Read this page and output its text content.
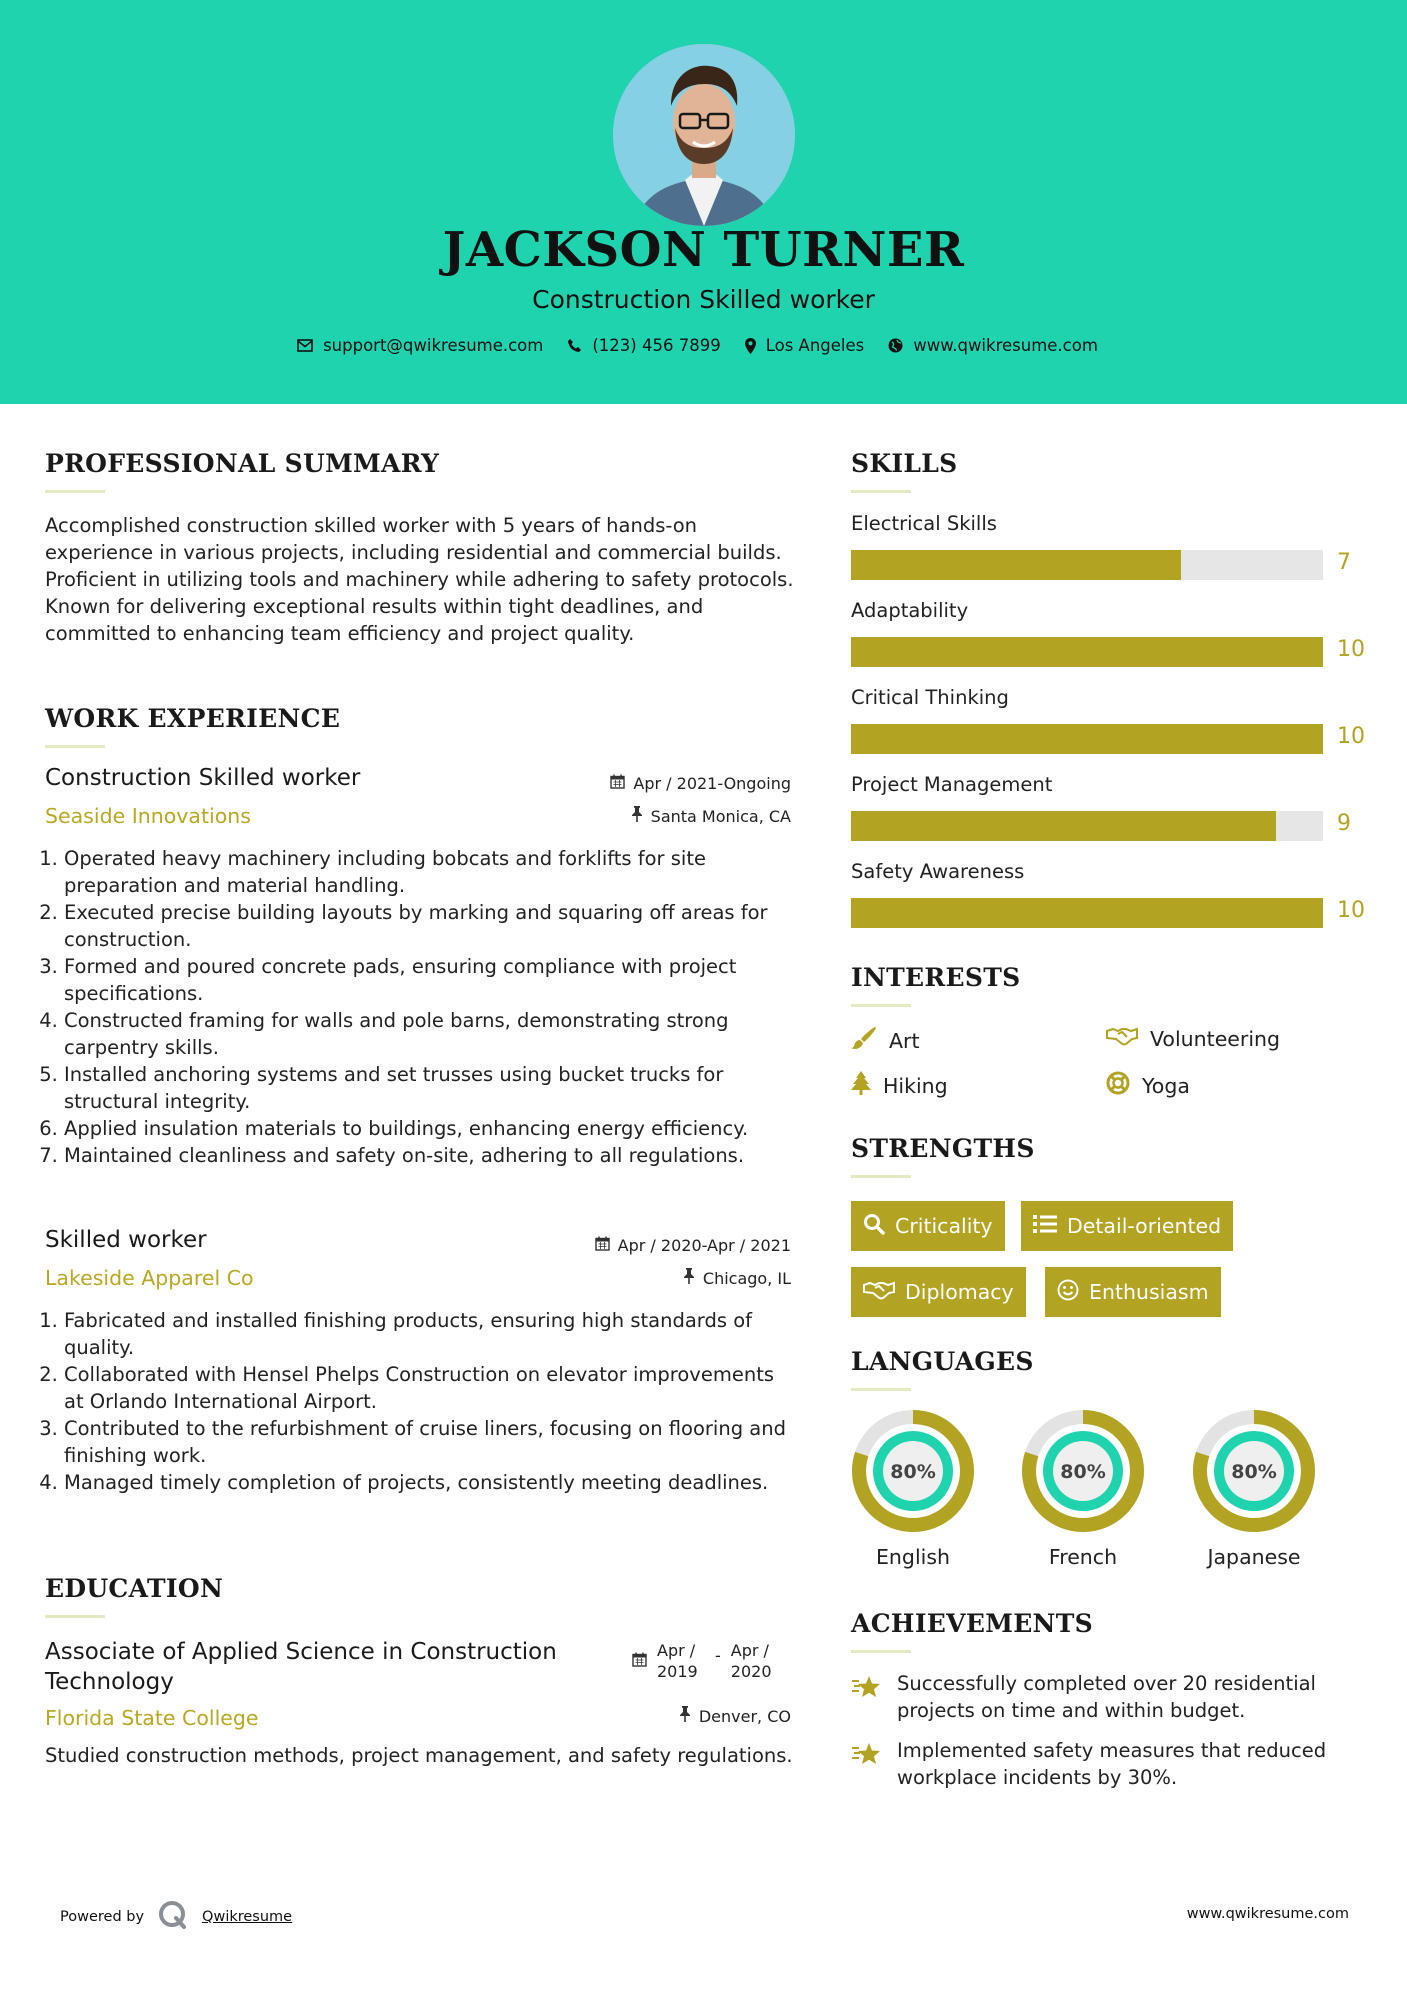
JACKSON TURNER
Construction Skilled worker
support@qwikresume.com	(123) 456 7899	Los Angeles	www.qwikresume.com
PROFESSIONAL SUMMARY
Accomplished construction skilled worker with 5 years of hands-on experience in various projects, including residential and commercial builds. Proficient in utilizing tools and machinery while adhering to safety protocols. Known for delivering exceptional results within tight deadlines, and committed to enhancing team efficiency and project quality.
WORK EXPERIENCE
Construction Skilled worker
Seaside Innovations
Apr / 2021-Ongoing
Santa Monica, CA
1. Operated heavy machinery including bobcats and forklifts for site preparation and material handling.
2. Executed precise building layouts by marking and squaring off areas for construction.
3. Formed and poured concrete pads, ensuring compliance with project specifications.
4. Constructed framing for walls and pole barns, demonstrating strong carpentry skills.
5. Installed anchoring systems and set trusses using bucket trucks for structural integrity.
6. Applied insulation materials to buildings, enhancing energy efficiency.
7. Maintained cleanliness and safety on-site, adhering to all regulations.
Skilled worker
Lakeside Apparel Co
Apr / 2020-Apr / 2021
Chicago, IL
1. Fabricated and installed finishing products, ensuring high standards of quality.
2. Collaborated with Hensel Phelps Construction on elevator improvements at Orlando International Airport.
3. Contributed to the refurbishment of cruise liners, focusing on flooring and finishing work.
4. Managed timely completion of projects, consistently meeting deadlines.
EDUCATION
Associate of Applied Science in Construction Technology
Florida State College
Apr / 2019
- Apr / 2020
Denver, CO
Studied construction methods, project management, and safety regulations.
SKILLS
Electrical Skills
7
Adaptability
10
Critical Thinking
10
Project Management
9
Safety Awareness
10
INTERESTS
Art	Volunteering
Hiking	Yoga
STRENGTHS
Criticality	Detail-oriented
Diplomacy	Enthusiasm
LANGUAGES
80%
English
80%
French
80%
Japanese
ACHIEVEMENTS
Successfully completed over 20 residential projects on time and within budget.
Implemented safety measures that reduced workplace incidents by 30%.
Powered by	Qwikresume	www.qwikresume.com
